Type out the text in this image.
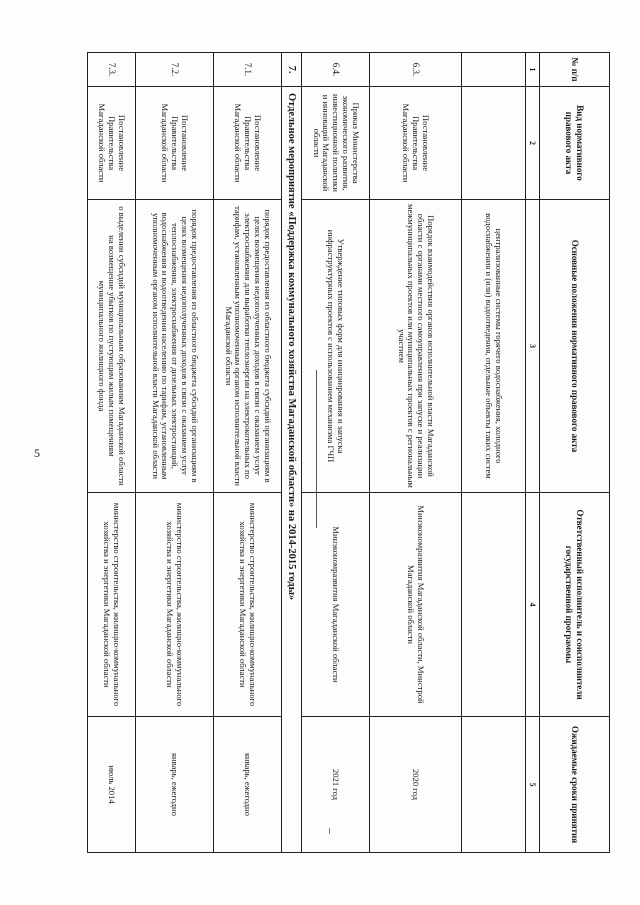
5
№ п/п	Вид нормативного правового акта	Основные положения нормативного правового акта	Ответственный исполнитель и соисполнители государственной программы	Ожидаемые сроки принятия
1	2	3	4	5
		централизованные системы горячего водоснабжения, холодного водоснабжения и (или) водоотведения, отдельные объекты таких систем		
6.3.	Постановление Правительства Магаданской области	Порядок взаимодействия органов исполнительной власти Магаданской области с органами местного самоуправления при запуске и реализации межмуниципальных проектов или муниципальных проектов с региональным участием	Минэкономразвития Магаданской области, Минстрой Магаданской области	2020 год
6.4.	Приказ Министерства экономического развития, инвестиционной политики и инноваций Магаданской области	Утверждение типовых форм для инициирования и запуска инфраструктурных проектов с использованием механизма ГЧП	Минэкономразвития Магаданской области	2021 год
7.	Отдельное мероприятие «Поддержка коммунального хозяйства Магаданской области» на 2014-2015 годы»			
7.1.	Постановление Правительства Магаданской области	порядок предоставления из областного бюджета субсидий организациям в целях возмещения недополученных доходов в связи с оказанием услуг электроснабжения для выработки теплоэнергии на электрокотельных по тарифам, установленным уполномоченным органом исполнительной власти Магаданской области	министерство строительства, жилищно-коммунального хозяйства и энергетики Магаданской области	январь, ежегодно
7.2.	Постановление Правительства Магаданской области	порядок предоставления из областного бюджета субсидий организациям в целях возмещения недополученных доходов в связи с оказанием услуг теплоснабжения, электроснабжения от дизельных электростанций, водоснабжения и водоотведения населению по тарифам, установленным уполномоченным органом исполнительной власти Магаданской области	министерство строительства, жилищно-коммунального хозяйства и энергетики Магаданской области	январь, ежегодно
7.3.	Постановление Правительства Магаданской области	о выделении субсидий муниципальным образованиям Магаданской области на возмещение убытков по пустующим жилым помещениям муниципального жилищного фонда	министерство строительства, жилищно-коммунального хозяйства и энергетики Магаданской области	июль 2014
